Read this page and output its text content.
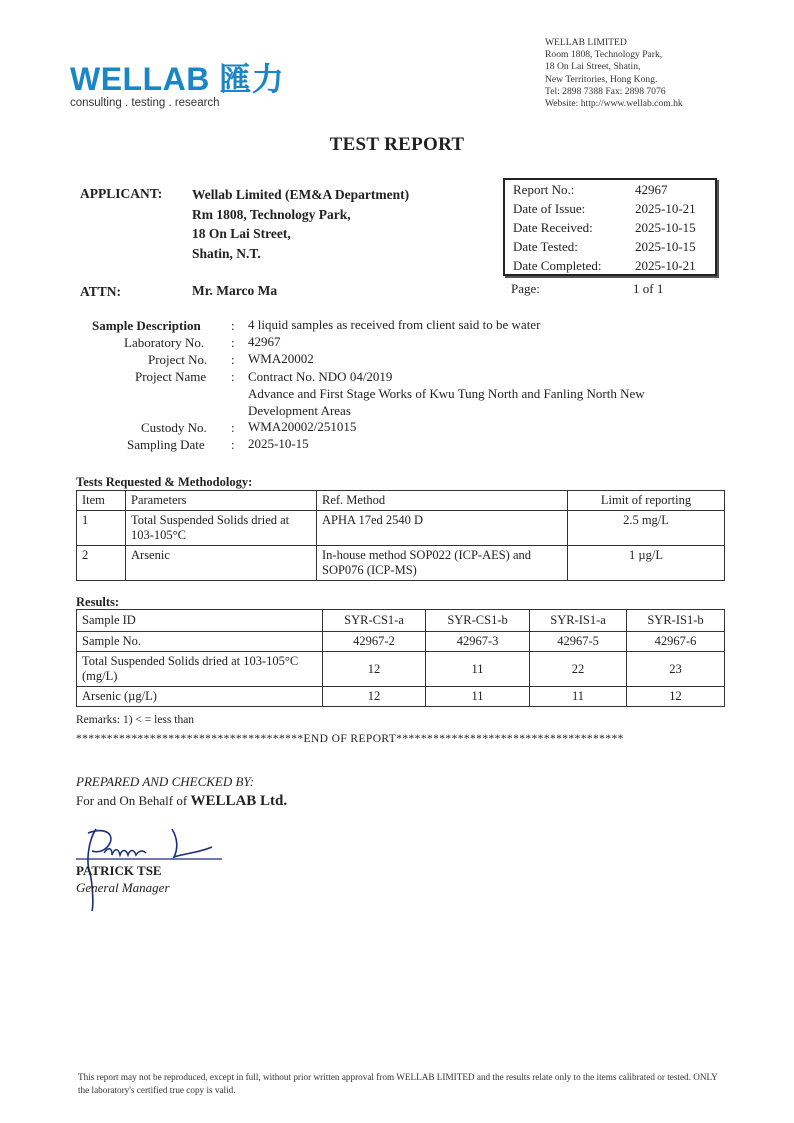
WELLAB 匯力
consulting . testing . research
WELLAB LIMITED
Room 1808, Technology Park,
18 On Lai Street, Shatin,
New Territories, Hong Kong.
Tel: 2898 7388 Fax: 2898 7076
Website: http://www.wellab.com.hk
TEST REPORT
APPLICANT: Wellab Limited (EM&A Department)
Rm 1808, Technology Park,
18 On Lai Street,
Shatin, N.T.
ATTN:	Mr. Marco Ma
Report No.:	42967
Date of Issue:	2025-10-21
Date Received:	2025-10-15
Date Tested:	2025-10-15
Date Completed:	2025-10-21
Page:	1 of 1
Sample Description : 4 liquid samples as received from client said to be water
Laboratory No. : 42967
Project No. : WMA20002
Project Name : Contract No. NDO 04/2019
Advance and First Stage Works of Kwu Tung North and Fanling North New
Development Areas
Custody No. : WMA20002/251015
Sampling Date : 2025-10-15
Tests Requested & Methodology:
Item	Parameters	Ref. Method	Limit of reporting
1	Total Suspended Solids dried at 103-105°C	APHA 17ed 2540 D	2.5 mg/L
2	Arsenic	In-house method SOP022 (ICP-AES) and SOP076 (ICP-MS)	1 µg/L
Results:
Sample ID	SYR-CS1-a	SYR-CS1-b	SYR-IS1-a	SYR-IS1-b
Sample No.	42967-2	42967-3	42967-5	42967-6
Total Suspended Solids dried at 103-105°C (mg/L)	12	11	22	23
Arsenic (µg/L)	12	11	11	12
Remarks: 1) < = less than
*************************************END OF REPORT*************************************
PREPARED AND CHECKED BY:
For and On Behalf of WELLAB Ltd.
PATRICK TSE
General Manager
This report may not be reproduced, except in full, without prior written approval from WELLAB LIMITED and the results relate only to the items calibrated or tested. ONLY the laboratory's certified true copy is valid.
